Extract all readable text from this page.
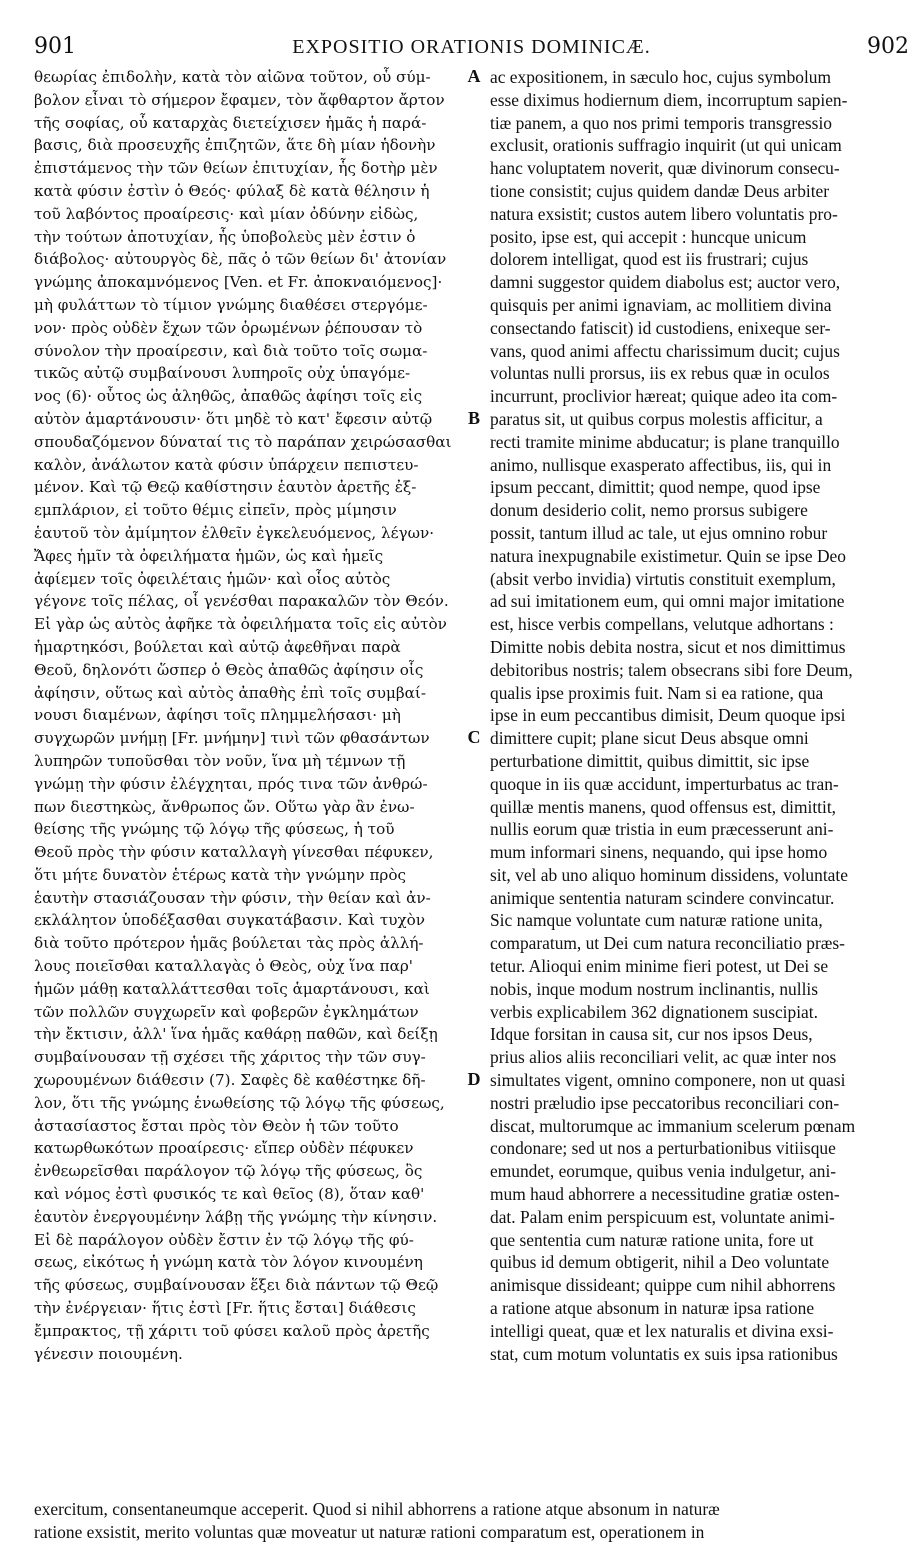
901	EXPOSITIO ORATIONIS DOMINICÆ.	902
θεωρίας ἐπιδολὴν, κατὰ τὸν αἰῶνα τοῦτον, οὗ σύμ-
βολον εἶναι τὸ σήμερον ἔφαμεν, τὸν ἄφθαρτον ἄρτον
τῆς σοφίας, οὗ καταρχὰς διετείχισεν ἡμᾶς ἡ παρά-
βασις, διὰ προσευχῆς ἐπιζητῶν, ἅτε δὴ μίαν ἡδονὴν
ἐπιστάμενος τὴν τῶν θείων ἐπιτυχίαν, ἧς δοτὴρ μὲν
κατὰ φύσιν ἐστὶν ὁ Θεός· φύλαξ δὲ κατὰ θέλησιν ἡ
τοῦ λαβόντος προαίρεσις· καὶ μίαν ὀδύνην εἰδὼς,
τὴν τούτων ἀποτυχίαν, ἧς ὑποβολεὺς μὲν ἐστιν ὁ
διάβολος· αὐτουργὸς δὲ, πᾶς ὁ τῶν θείων δι' ἀτονίαν
γνώμης ἀποκαμνόμενος [Ven. et Fr. ἀποκναιόμενος]·
μὴ φυλάττων τὸ τίμιον γνώμης διαθέσει στεργόμε-
νον· πρὸς οὐδὲν ἔχων τῶν ὁρωμένων ῥέπουσαν τὸ
σύνολον τὴν προαίρεσιν, καὶ διὰ τοῦτο τοῖς σωμα-
τικῶς αὐτῷ συμβαίνουσι λυπηροῖς οὐχ ὑπαγόμε-
νος (6)· οὗτος ὡς ἀληθῶς, ἀπαθῶς ἀφίησι τοῖς εἰς
αὐτὸν ἁμαρτάνουσιν· ὅτι μηδὲ τὸ κατ' ἔφεσιν αὐτῷ
σπουδαζόμενον δύναταί τις τὸ παράπαν χειρώσασθαι
καλὸν, ἀνάλωτον κατὰ φύσιν ὑπάρχειν πεπιστευ-
μένον. Καὶ τῷ Θεῷ καθίστησιν ἑαυτὸν ἀρετῆς ἐξ-
εμπλάριον, εἰ τοῦτο θέμις εἰπεῖν, πρὸς μίμησιν
ἑαυτοῦ τὸν ἀμίμητον ἐλθεῖν ἐγκελευόμενος, λέγων·
Ἄφες ἡμῖν τὰ ὀφειλήματα ἡμῶν, ὡς καὶ ἡμεῖς
ἀφίεμεν τοῖς ὀφειλέταις ἡμῶν· καὶ οἷος αὐτὸς
γέγονε τοῖς πέλας, οἷ γενέσθαι παρακαλῶν τὸν Θεόν.
Εἰ γὰρ ὡς αὐτὸς ἀφῆκε τὰ ὀφειλήματα τοῖς εἰς αὐτὸν
ἡμαρτηκόσι, βούλεται καὶ αὐτῷ ἀφεθῆναι παρὰ
Θεοῦ, δηλονότι ὥσπερ ὁ Θεὸς ἀπαθῶς ἀφίησιν οἷς
ἀφίησιν, οὕτως καὶ αὐτὸς ἀπαθὴς ἐπὶ τοῖς συμβαί-
νουσι διαμένων, ἀφίησι τοῖς πλημμελήσασι· μὴ
συγχωρῶν μνήμῃ [Fr. μνήμην] τινὶ τῶν φθασάντων
λυπηρῶν τυποῦσθαι τὸν νοῦν, ἵνα μὴ τέμνων τῇ
γνώμῃ τὴν φύσιν ἐλέγχηται, πρός τινα τῶν ἀνθρώ-
πων διεστηκὼς, ἄνθρωπος ὤν. Οὕτω γὰρ ἂν ἐνω-
θείσης τῆς γνώμης τῷ λόγῳ τῆς φύσεως, ἡ τοῦ
Θεοῦ πρὸς τὴν φύσιν καταλλαγὴ γίνεσθαι πέφυκεν,
ὅτι μήτε δυνατὸν ἑτέρως κατὰ τὴν γνώμην πρὸς
ἑαυτὴν στασιάζουσαν τὴν φύσιν, τὴν θείαν καὶ ἀν-
εκλάλητον ὑποδέξασθαι συγκατάβασιν. Καὶ τυχὸν
διὰ τοῦτο πρότερον ἡμᾶς βούλεται τὰς πρὸς ἀλλή-
λους ποιεῖσθαι καταλλαγὰς ὁ Θεὸς, οὐχ ἵνα παρ'
ἡμῶν μάθῃ καταλλάττεσθαι τοῖς ἁμαρτάνουσι, καὶ
τῶν πολλῶν συγχωρεῖν καὶ φοβερῶν ἐγκλημάτων
τὴν ἔκτισιν, ἀλλ' ἵνα ἡμᾶς καθάρῃ παθῶν, καὶ δείξῃ
συμβαίνουσαν τῇ σχέσει τῆς χάριτος τὴν τῶν συγ-
χωρουμένων διάθεσιν (7). Σαφὲς δὲ καθέστηκε δῆ-
λον, ὅτι τῆς γνώμης ἑνωθείσης τῷ λόγῳ τῆς φύσεως,
ἀστασίαστος ἔσται πρὸς τὸν Θεὸν ἡ τῶν τοῦτο
κατωρθωκότων προαίρεσις· εἴπερ οὐδὲν πέφυκεν
ἐνθεωρεῖσθαι παράλογον τῷ λόγῳ τῆς φύσεως, ὃς
καὶ νόμος ἐστὶ φυσικός τε καὶ θεῖος (8), ὅταν καθ'
ἑαυτὸν ἐνεργουμένην λάβῃ τῆς γνώμης τὴν κίνησιν.
Εἰ δὲ παράλογον οὐδὲν ἔστιν ἐν τῷ λόγῳ τῆς φύ-
σεως, εἰκότως ἡ γνώμη κατὰ τὸν λόγον κινουμένη
τῆς φύσεως, συμβαίνουσαν ἕξει διὰ πάντων τῷ Θεῷ
τὴν ἐνέργειαν· ἥτις ἐστὶ [Fr. ἥτις ἔσται] διάθεσις
ἔμπρακτος, τῇ χάριτι τοῦ φύσει καλοῦ πρὸς ἀρετῆς
γένεσιν ποιουμένη.
A
B
C
D
ac expositionem, in sæculo hoc, cujus symbolum
esse diximus hodiernum diem, incorruptum sapien-
tiæ panem, a quo nos primi temporis transgressio
exclusit, orationis suffragio inquirit (ut qui unicam
hanc voluptatem noverit, quæ divinorum consecu-
tione consistit; cujus quidem dandæ Deus arbiter
natura exsistit; custos autem libero voluntatis pro-
posito, ipse est, qui accepit : huncque unicum
dolorem intelligat, quod est iis frustrari; cujus
damni suggestor quidem diabolus est; auctor vero,
quisquis per animi ignaviam, ac mollitiem divina
consectando fatiscit) id custodiens, enixeque ser-
vans, quod animi affectu charissimum ducit; cujus
voluntas nulli prorsus, iis ex rebus quæ in oculos
incurrunt, proclivior hæreat; quique adeo ita com-
paratus sit, ut quibus corpus molestis afficitur, a
recti tramite minime abducatur; is plane tranquillo
animo, nullisque exasperato affectibus, iis, qui in
ipsum peccant, dimittit; quod nempe, quod ipse
donum desiderio colit, nemo prorsus subigere
possit, tantum illud ac tale, ut ejus omnino robur
natura inexpugnabile existimetur. Quin se ipse Deo
(absit verbo invidia) virtutis constituit exemplum,
ad sui imitationem eum, qui omni major imitatione
est, hisce verbis compellans, velutque adhortans :
Dimitte nobis debita nostra, sicut et nos dimittimus
debitoribus nostris; talem obsecrans sibi fore Deum,
qualis ipse proximis fuit. Nam si ea ratione, qua
ipse in eum peccantibus dimisit, Deum quoque ipsi
dimittere cupit; plane sicut Deus absque omni
perturbatione dimittit, quibus dimittit, sic ipse
quoque in iis quæ accidunt, imperturbatus ac tran-
quillæ mentis manens, quod offensus est, dimittit,
nullis eorum quæ tristia in eum præcesserunt ani-
mum informari sinens, nequando, qui ipse homo
sit, vel ab uno aliquo hominum dissidens, voluntate
animique sententia naturam scindere convincatur.
Sic namque voluntate cum naturæ ratione unita,
comparatum, ut Dei cum natura reconciliatio præs-
tetur. Alioqui enim minime fieri potest, ut Dei se
nobis, inque modum nostrum inclinantis, nullis
verbis explicabilem 362 dignationem suscipiat.
Idque forsitan in causa sit, cur nos ipsos Deus,
prius alios aliis reconciliari velit, ac quæ inter nos
simultates vigent, omnino componere, non ut quasi
nostri præludio ipse peccatoribus reconciliari con-
discat, multorumque ac immanium scelerum pœnam
condonare; sed ut nos a perturbationibus vitiisque
emundet, eorumque, quibus venia indulgetur, ani-
mum haud abhorrere a necessitudine gratiæ osten-
dat. Palam enim perspicuum est, voluntate animi-
que sententia cum naturæ ratione unita, fore ut
quibus id demum obtigerit, nihil a Deo voluntate
animisque dissideant; quippe cum nihil abhorrens
a ratione atque absonum in naturæ ipsa ratione
intelligi queat, quæ et lex naturalis et divina exsi-
stat, cum motum voluntatis ex suis ipsa rationibus
exercitum, consentaneumque acceperit. Quod si nihil abhorrens a ratione atque absonum in naturæ
ratione exsistit, merito voluntas quæ moveatur ut naturæ rationi comparatum est, operationem in
